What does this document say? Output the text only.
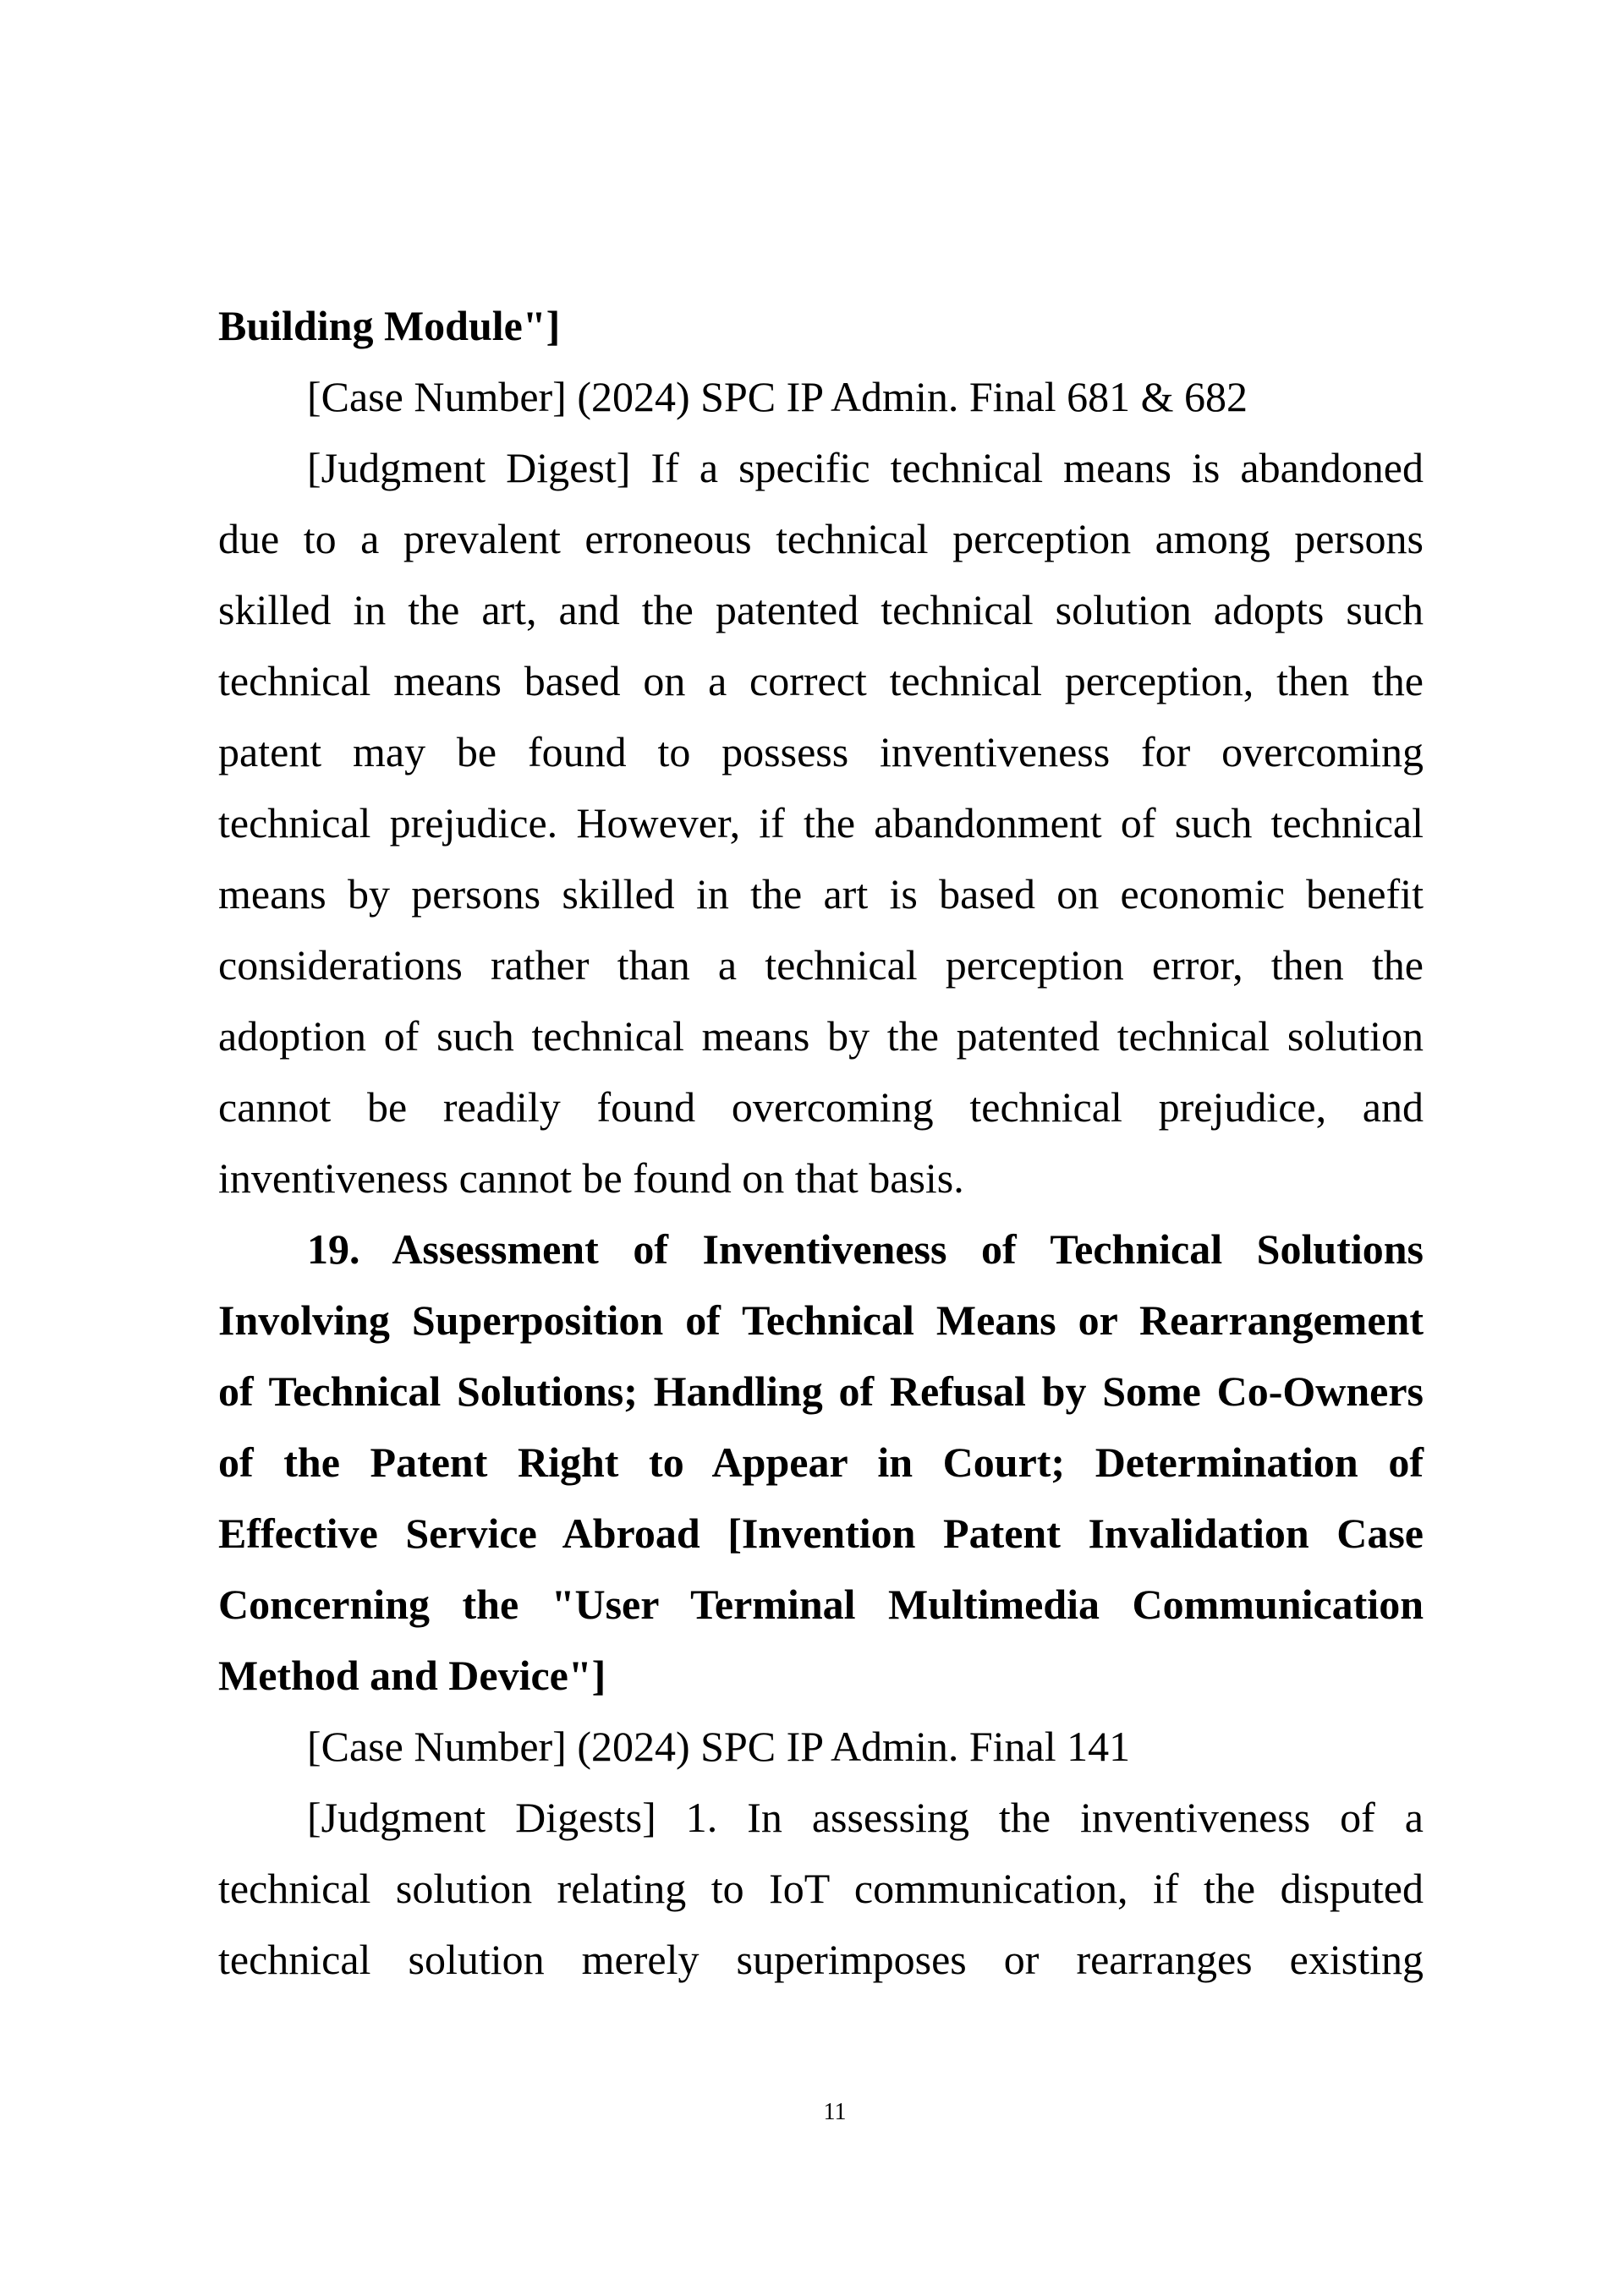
Building Module"]
[Case Number] (2024) SPC IP Admin. Final 681 & 682
[Judgment Digest] If a specific technical means is abandoned
due to a prevalent erroneous technical perception among persons
skilled in the art, and the patented technical solution adopts such
technical means based on a correct technical perception, then the
patent may be found to possess inventiveness for overcoming
technical prejudice. However, if the abandonment of such technical
means by persons skilled in the art is based on economic benefit
considerations rather than a technical perception error, then the
adoption of such technical means by the patented technical solution
cannot be readily found overcoming technical prejudice, and
inventiveness cannot be found on that basis.
19. Assessment of Inventiveness of Technical Solutions
Involving Superposition of Technical Means or Rearrangement
of Technical Solutions; Handling of Refusal by Some Co-Owners
of the Patent Right to Appear in Court; Determination of
Effective Service Abroad [Invention Patent Invalidation Case
Concerning the "User Terminal Multimedia Communication
Method and Device"]
[Case Number] (2024) SPC IP Admin. Final 141
[Judgment Digests] 1. In assessing the inventiveness of a
technical solution relating to IoT communication, if the disputed
technical solution merely superimposes or rearranges existing
11
